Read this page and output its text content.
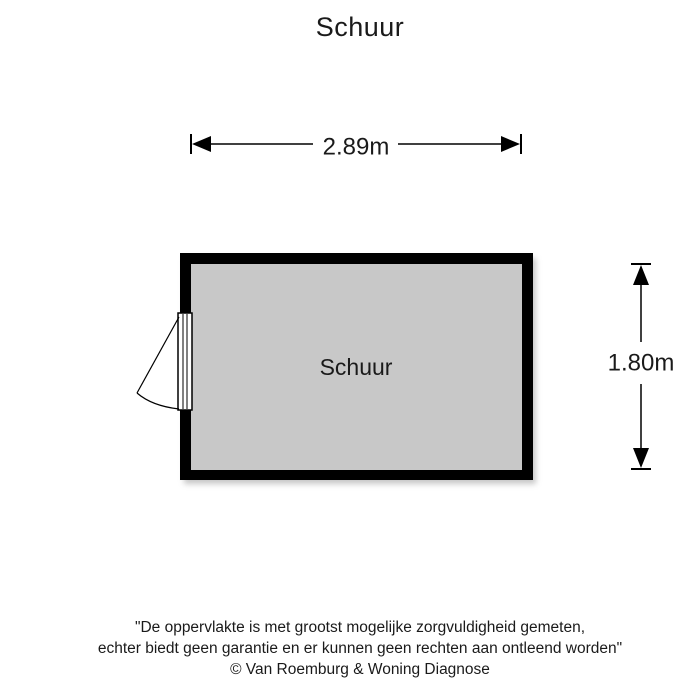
Schuur
2.89m
1.80m
Schuur
"De oppervlakte is met grootst mogelijke zorgvuldigheid gemeten,
echter biedt geen garantie en er kunnen geen rechten aan ontleend worden"
© Van Roemburg & Woning Diagnose
